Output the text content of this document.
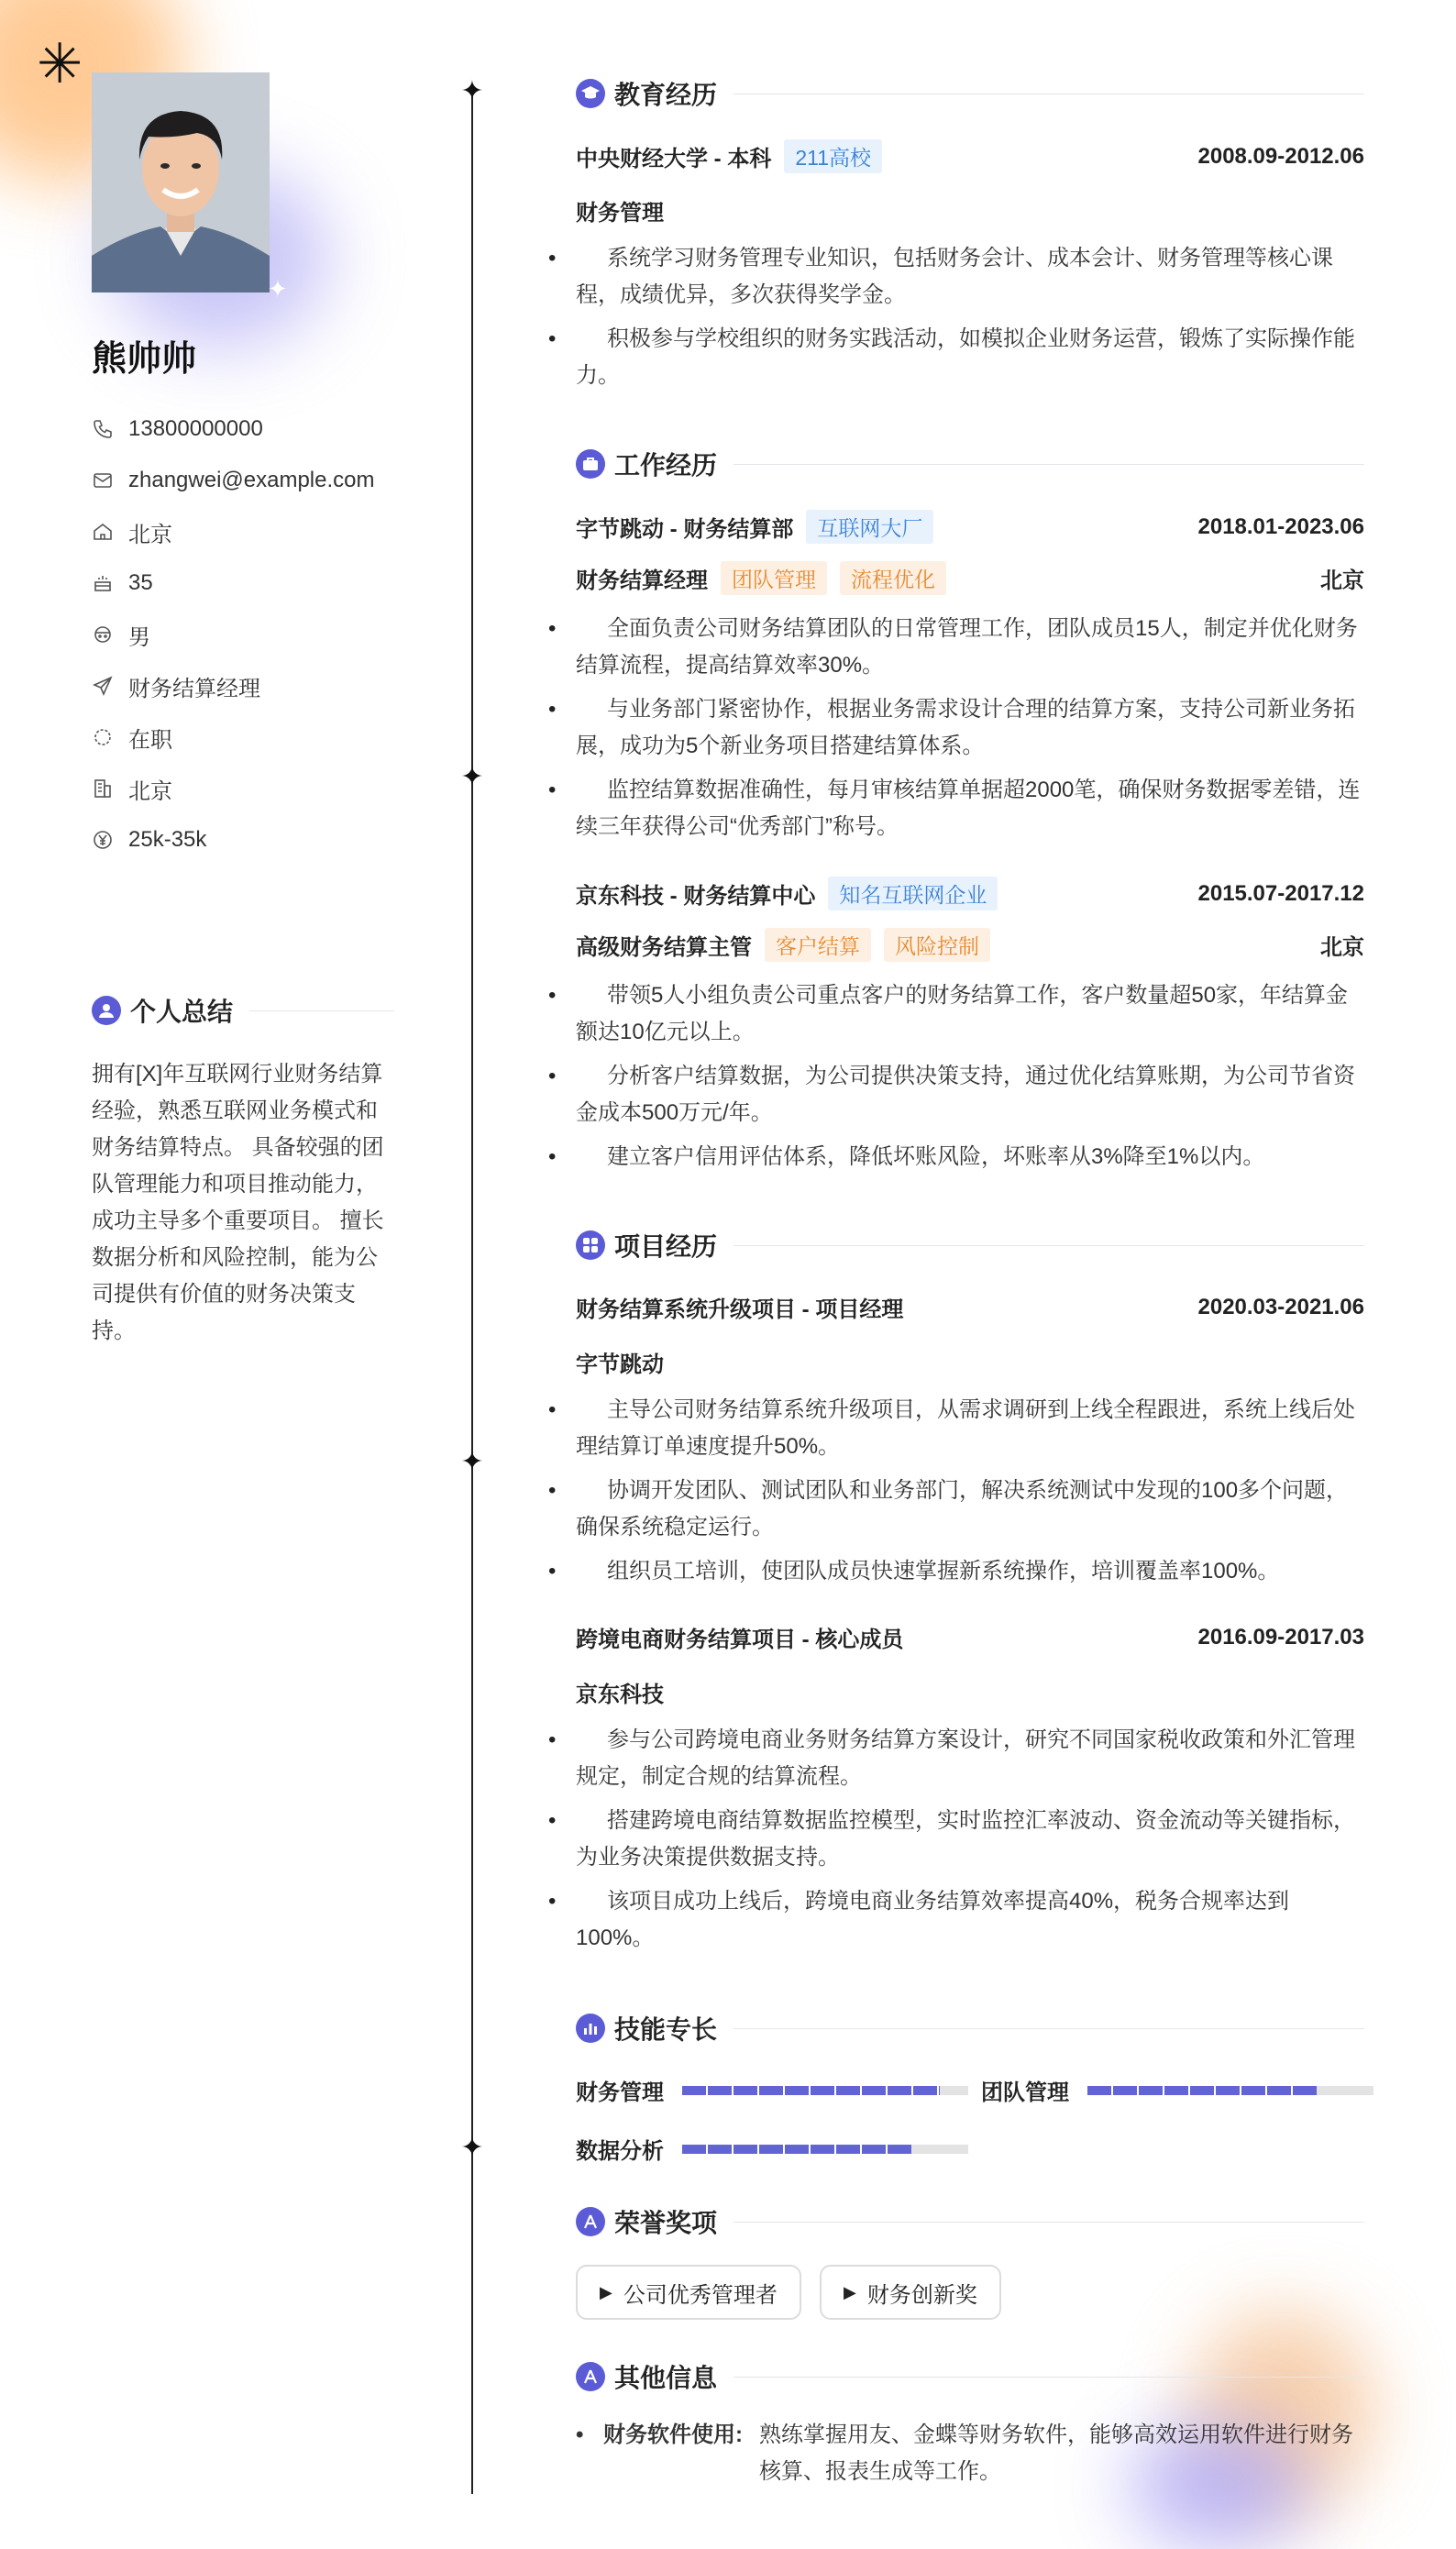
✳
✦
熊帅帅
13800000000
zhangwei@example.com
北京
35
男
财务结算经理
在职
北京
25k-35k
个人总结
拥有[X]年互联网行业财务结算经验，熟悉互联网业务模式和财务结算特点。 具备较强的团队管理能力和项目推动能力，成功主导多个重要项目。 擅长数据分析和风险控制，能为公司提供有价值的财务决策支持。
✦
✦
✦
✦
教育经历
中央财经大学 - 本科	211高校	2008.09-2012.06
财务管理
• 系统学习财务管理专业知识，包括财务会计、成本会计、财务管理等核心课程，成绩优异，多次获得奖学金。
• 积极参与学校组织的财务实践活动，如模拟企业财务运营，锻炼了实际操作能力。
工作经历
字节跳动 - 财务结算部	互联网大厂	2018.01-2023.06
财务结算经理	团队管理	流程优化	北京
• 全面负责公司财务结算团队的日常管理工作，团队成员15人，制定并优化财务结算流程，提高结算效率30%。
• 与业务部门紧密协作，根据业务需求设计合理的结算方案，支持公司新业务拓展，成功为5个新业务项目搭建结算体系。
• 监控结算数据准确性，每月审核结算单据超2000笔，确保财务数据零差错，连续三年获得公司“优秀部门”称号。
京东科技 - 财务结算中心	知名互联网企业	2015.07-2017.12
高级财务结算主管	客户结算	风险控制	北京
• 带领5人小组负责公司重点客户的财务结算工作，客户数量超50家，年结算金额达10亿元以上。
• 分析客户结算数据，为公司提供决策支持，通过优化结算账期，为公司节省资金成本500万元/年。
• 建立客户信用评估体系，降低坏账风险，坏账率从3%降至1%以内。
项目经历
财务结算系统升级项目 - 项目经理	2020.03-2021.06
字节跳动
• 主导公司财务结算系统升级项目，从需求调研到上线全程跟进，系统上线后处理结算订单速度提升50%。
• 协调开发团队、测试团队和业务部门，解决系统测试中发现的100多个问题，确保系统稳定运行。
• 组织员工培训，使团队成员快速掌握新系统操作，培训覆盖率100%。
跨境电商财务结算项目 - 核心成员	2016.09-2017.03
京东科技
• 参与公司跨境电商业务财务结算方案设计，研究不同国家税收政策和外汇管理规定，制定合规的结算流程。
• 搭建跨境电商结算数据监控模型，实时监控汇率波动、资金流动等关键指标，为业务决策提供数据支持。
• 该项目成功上线后，跨境电商业务结算效率提高40%，税务合规率达到100%。
技能专长
财务管理	团队管理
数据分析
荣誉奖项
▶ 公司优秀管理者	▶ 财务创新奖
其他信息
• 财务软件使用: 熟练掌握用友、金蝶等财务软件，能够高效运用软件进行财务核算、报表生成等工作。
